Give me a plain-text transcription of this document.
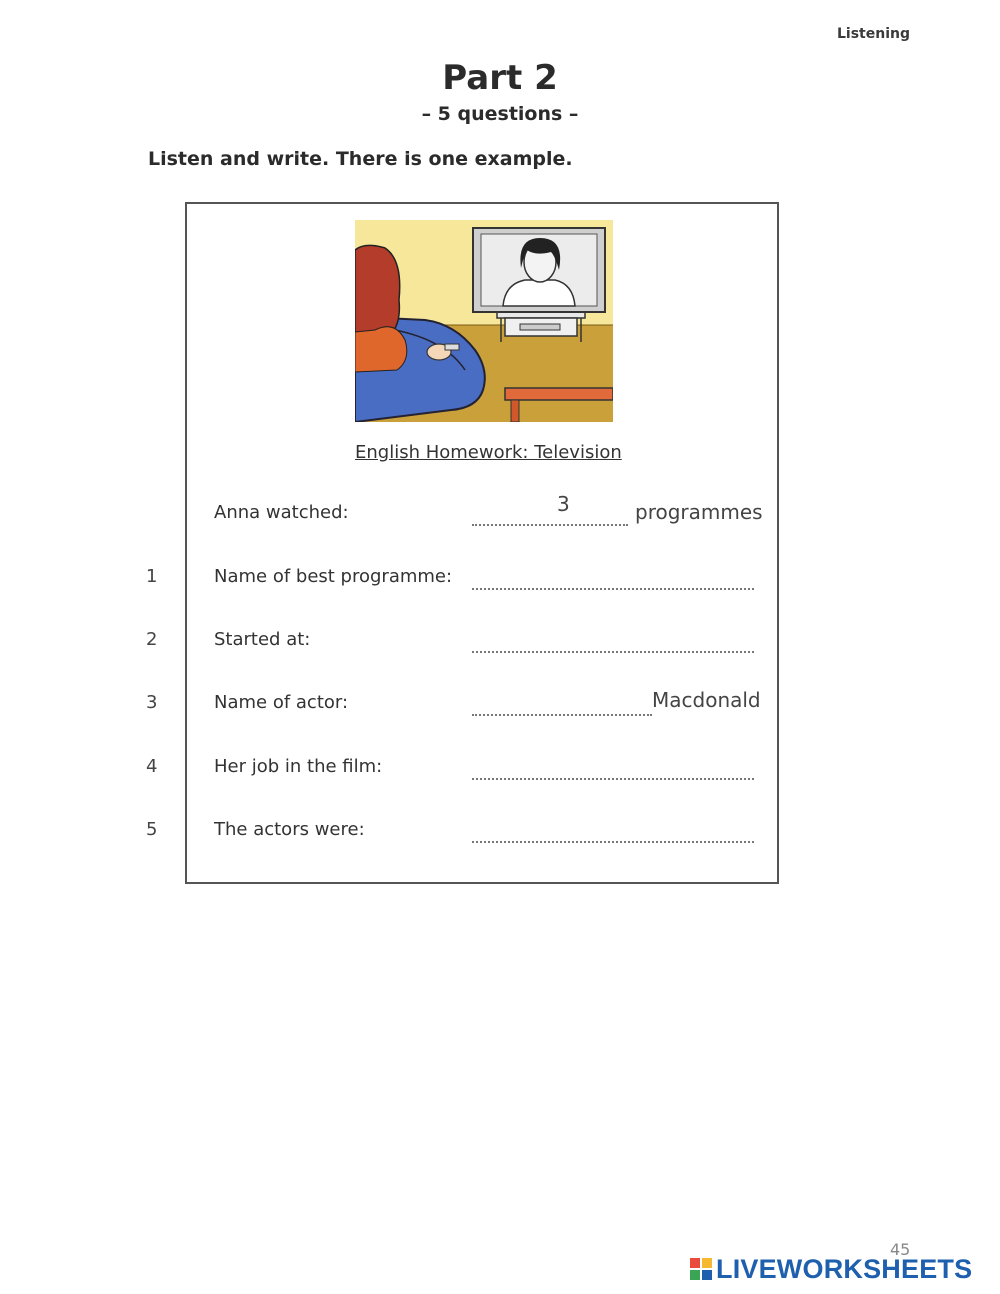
Listening
Part 2
– 5 questions –
Listen and write. There is one example.
English Homework: Television
Anna watched:	3	programmes
1	Name of best programme:
2	Started at:
3	Name of actor:	Macdonald
4	Her job in the film:
5	The actors were:
45
LIVEWORKSHEETS
